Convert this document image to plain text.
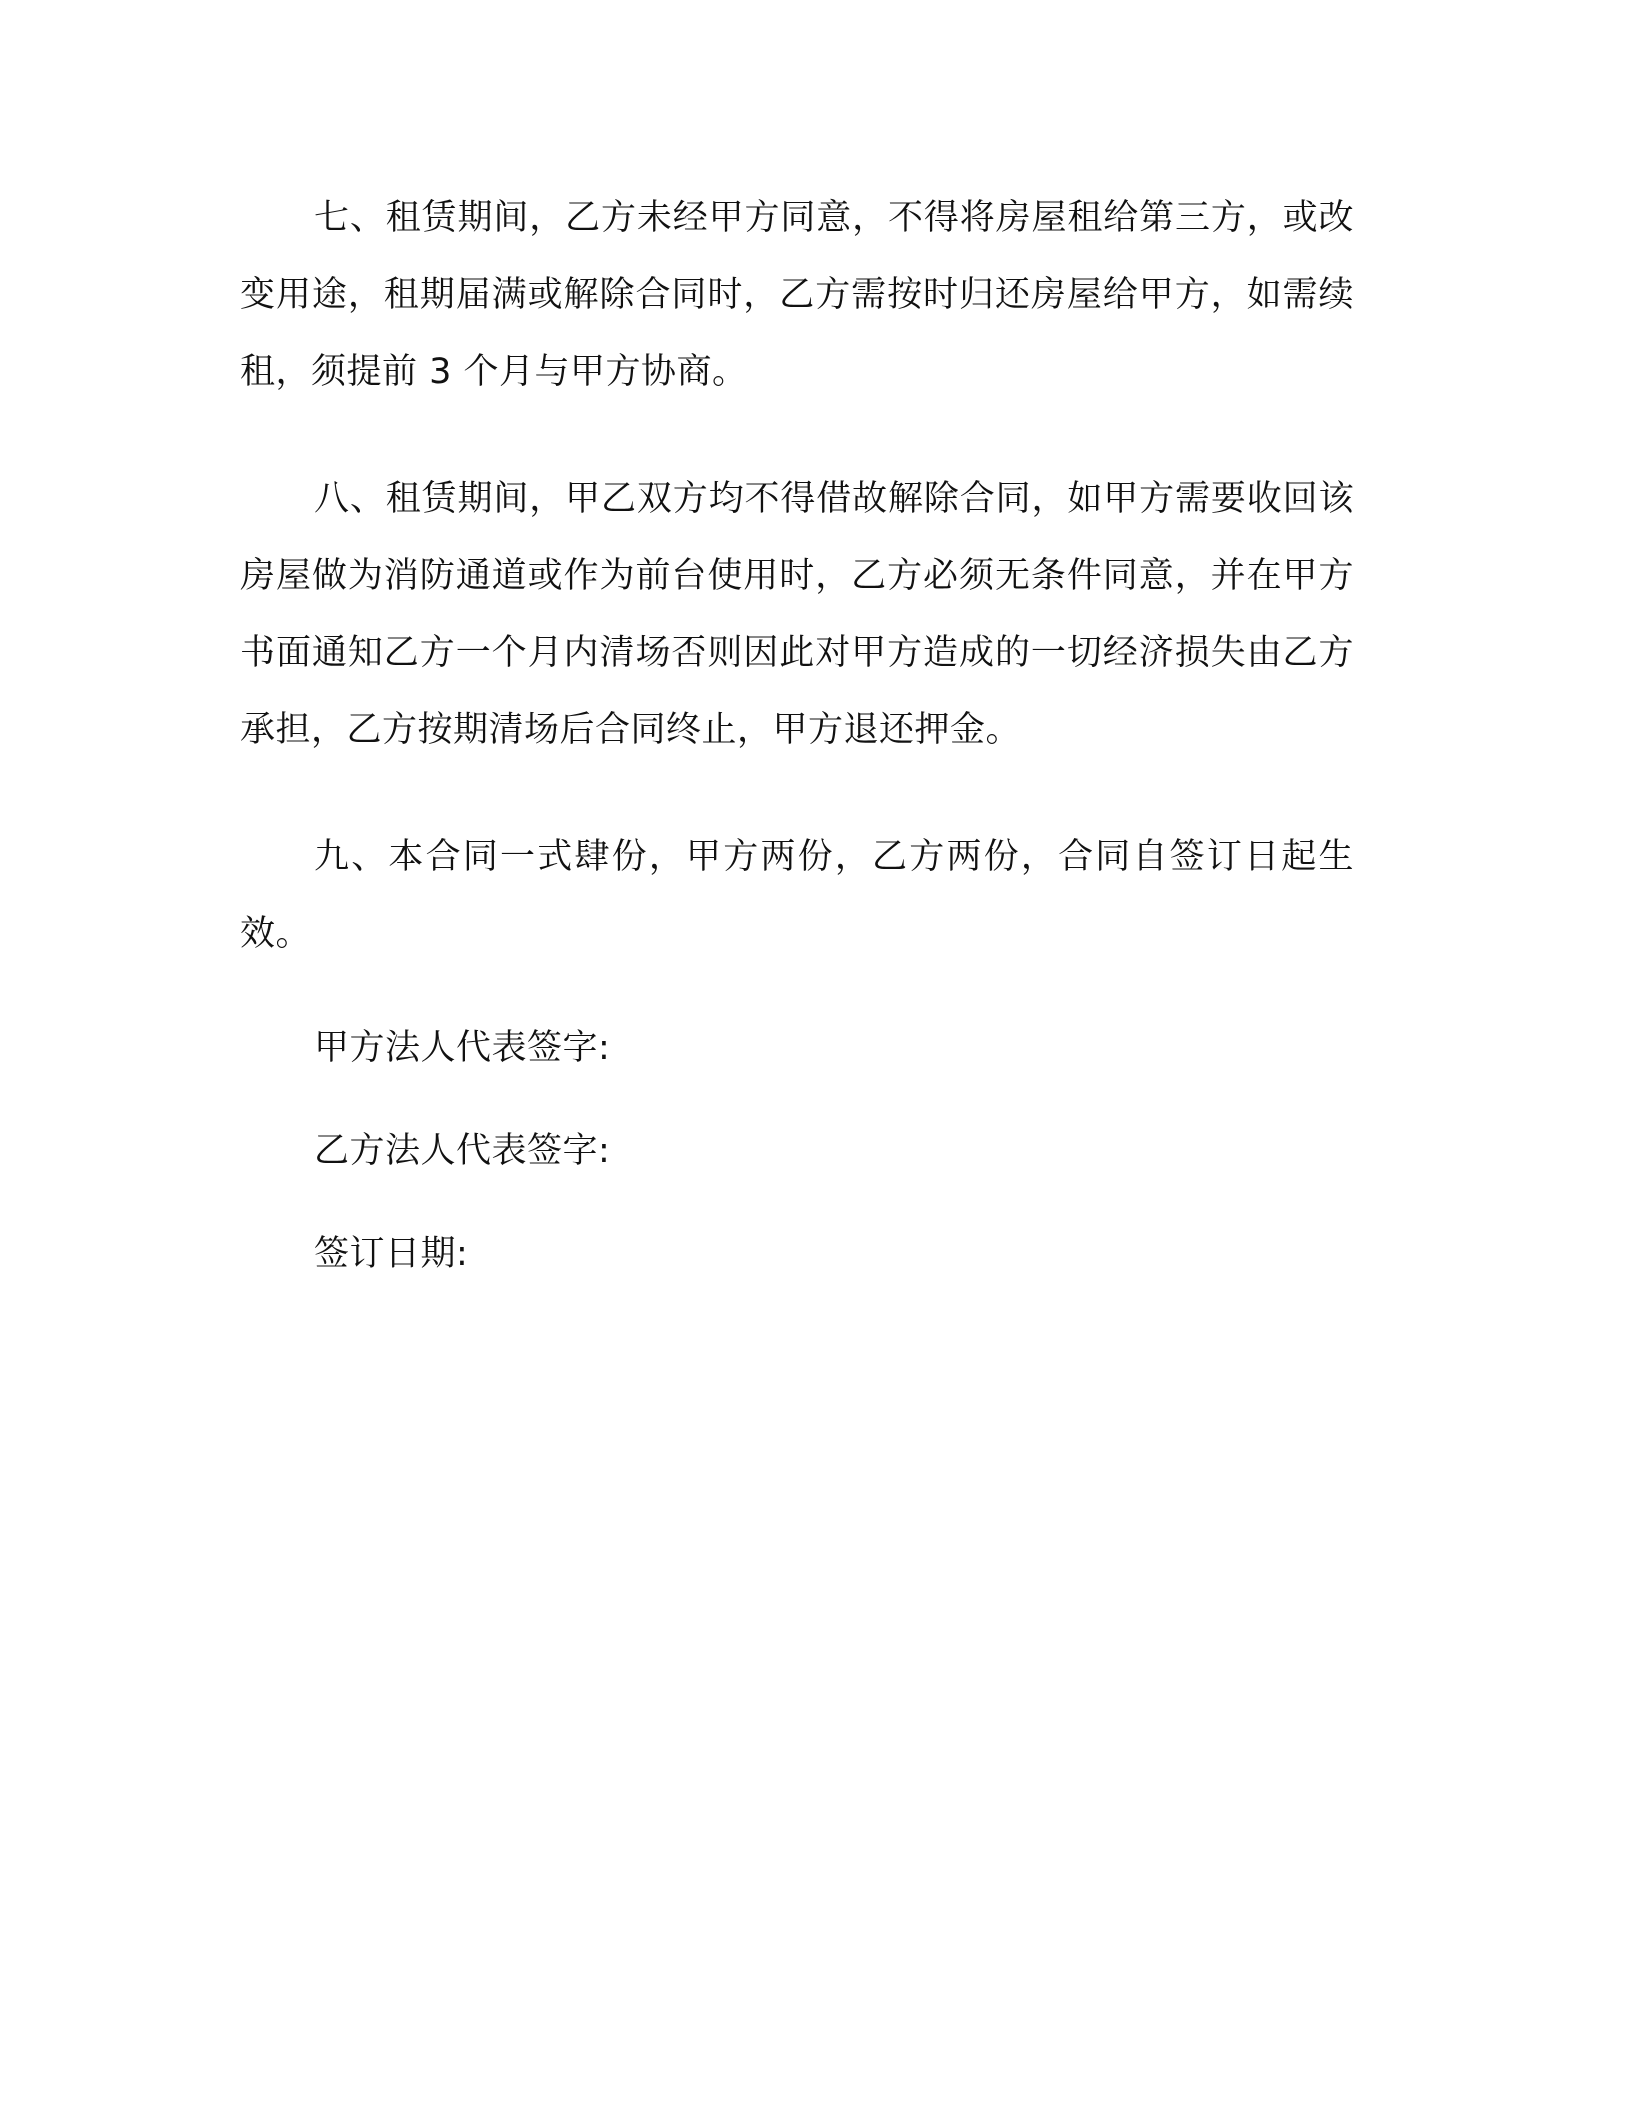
七、租赁期间，乙方未经甲方同意，不得将房屋租给第三方，或改变用途，租期届满或解除合同时，乙方需按时归还房屋给甲方，如需续租，须提前 3 个月与甲方协商。

八、租赁期间，甲乙双方均不得借故解除合同，如甲方需要收回该房屋做为消防通道或作为前台使用时，乙方必须无条件同意，并在甲方书面通知乙方一个月内清场否则因此对甲方造成的一切经济损失由乙方承担，乙方按期清场后合同终止，甲方退还押金。

九、本合同一式肆份，甲方两份，乙方两份，合同自签订日起生效。

甲方法人代表签字:
乙方法人代表签字:
签订日期:
